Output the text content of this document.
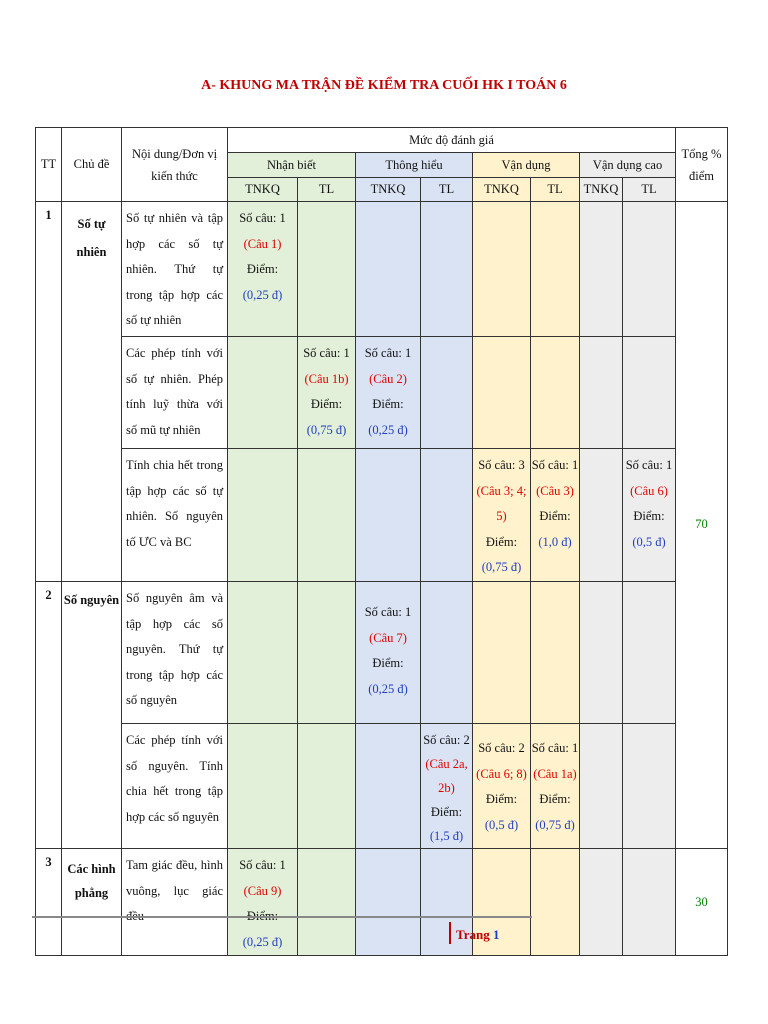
A- KHUNG MA TRẬN ĐỀ KIỂM TRA CUỐI HK I TOÁN 6
TT	Chủ đề	Nội dung/Đơn vị kiến thức	Mức độ đánh giá								Tổng % điểm
			Nhận biết		Thông hiểu		Vận dụng		Vận dụng cao		
			TNKQ	TL	TNKQ	TL	TNKQ	TL	TNKQ	TL	
1	Số tự nhiên	Số tự nhiên và tập hợp các số tự nhiên. Thứ tự trong tập hợp các số tự nhiên	Số câu: 1
(Câu 1)
Điểm:
(0,25 đ)								70
		Các phép tính với số tự nhiên. Phép tính luỹ thừa với số mũ tự nhiên		Số câu: 1
(Câu 1b)
Điểm:
(0,75 đ)	Số câu: 1
(Câu 2)
Điểm:
(0,25 đ)						

		Tính chia hết trong tập hợp các số tự nhiên. Số nguyên tố ƯC và BC					Số câu: 3
(Câu 3; 4; 5)
Điểm:
(0,75 đ)	Số câu: 1
(Câu 3)
Điểm:
(1,0 đ)		Số câu: 1
(Câu 6)
Điểm:
(0,5 đ)	

2	Số nguyên	Số nguyên âm và tập hợp các số nguyên. Thứ tự trong tập hợp các số nguyên			Số câu: 1
(Câu 7)
Điểm:
(0,25 đ)						

		Các phép tính với số nguyên. Tính chia hết trong tập hợp các số nguyên				Số câu: 2
(Câu 2a, 2b)
Điểm:
(1,5 đ)	Số câu: 2
(Câu 6; 8)
Điểm:
(0,5 đ)	Số câu: 1
(Câu 1a)
Điểm:
(0,75 đ)			

3	Các hình phẳng	Tam giác đều, hình vuông, lục giác đều	Số câu: 1
(Câu 9)
Điểm:
(0,25 đ)								30
Trang 1
